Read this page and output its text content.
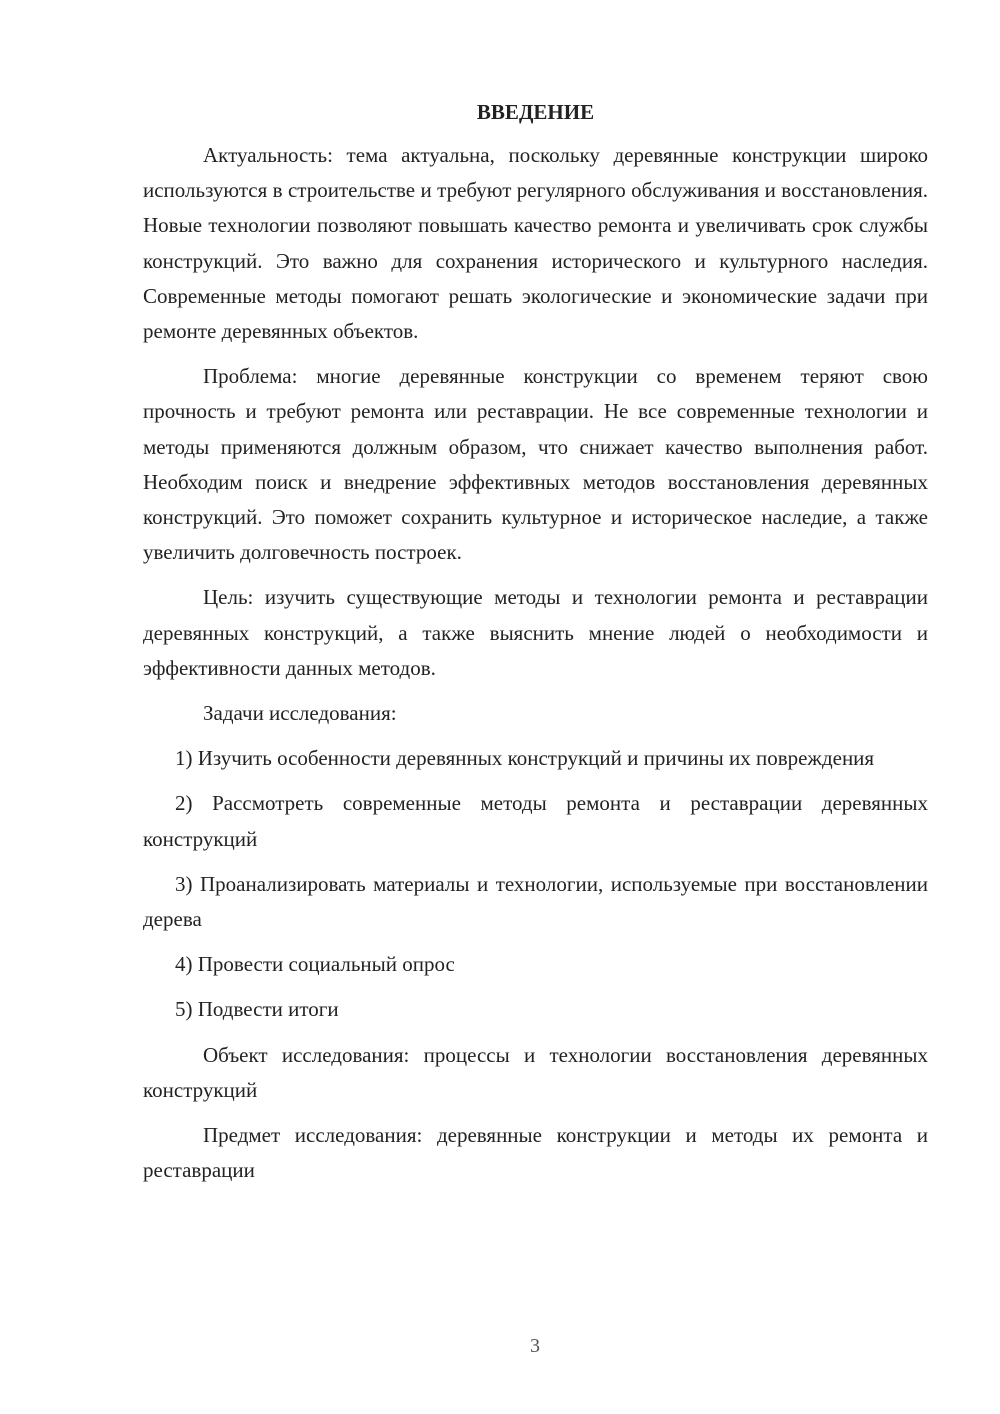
ВВЕДЕНИЕ

Актуальность: тема актуальна, поскольку деревянные конструкции широко используются в строительстве и требуют регулярного обслуживания и восстановления. Новые технологии позволяют повышать качество ремонта и увеличивать срок службы конструкций. Это важно для сохранения исторического и культурного наследия. Современные методы помогают решать экологические и экономические задачи при ремонте деревянных объектов.

Проблема: многие деревянные конструкции со временем теряют свою прочность и требуют ремонта или реставрации. Не все современные технологии и методы применяются должным образом, что снижает качество выполнения работ. Необходим поиск и внедрение эффективных методов восстановления деревянных конструкций. Это поможет сохранить культурное и историческое наследие, а также увеличить долговечность построек.

Цель: изучить существующие методы и технологии ремонта и реставрации деревянных конструкций, а также выяснить мнение людей о необходимости и эффективности данных методов.

Задачи исследования:

1) Изучить особенности деревянных конструкций и причины их повреждения

2) Рассмотреть современные методы ремонта и реставрации деревянных конструкций

3) Проанализировать материалы и технологии, используемые при восстановлении дерева

4) Провести социальный опрос

5) Подвести итоги

Объект исследования: процессы и технологии восстановления деревянных конструкций

Предмет исследования: деревянные конструкции и методы их ремонта и реставрации

3
